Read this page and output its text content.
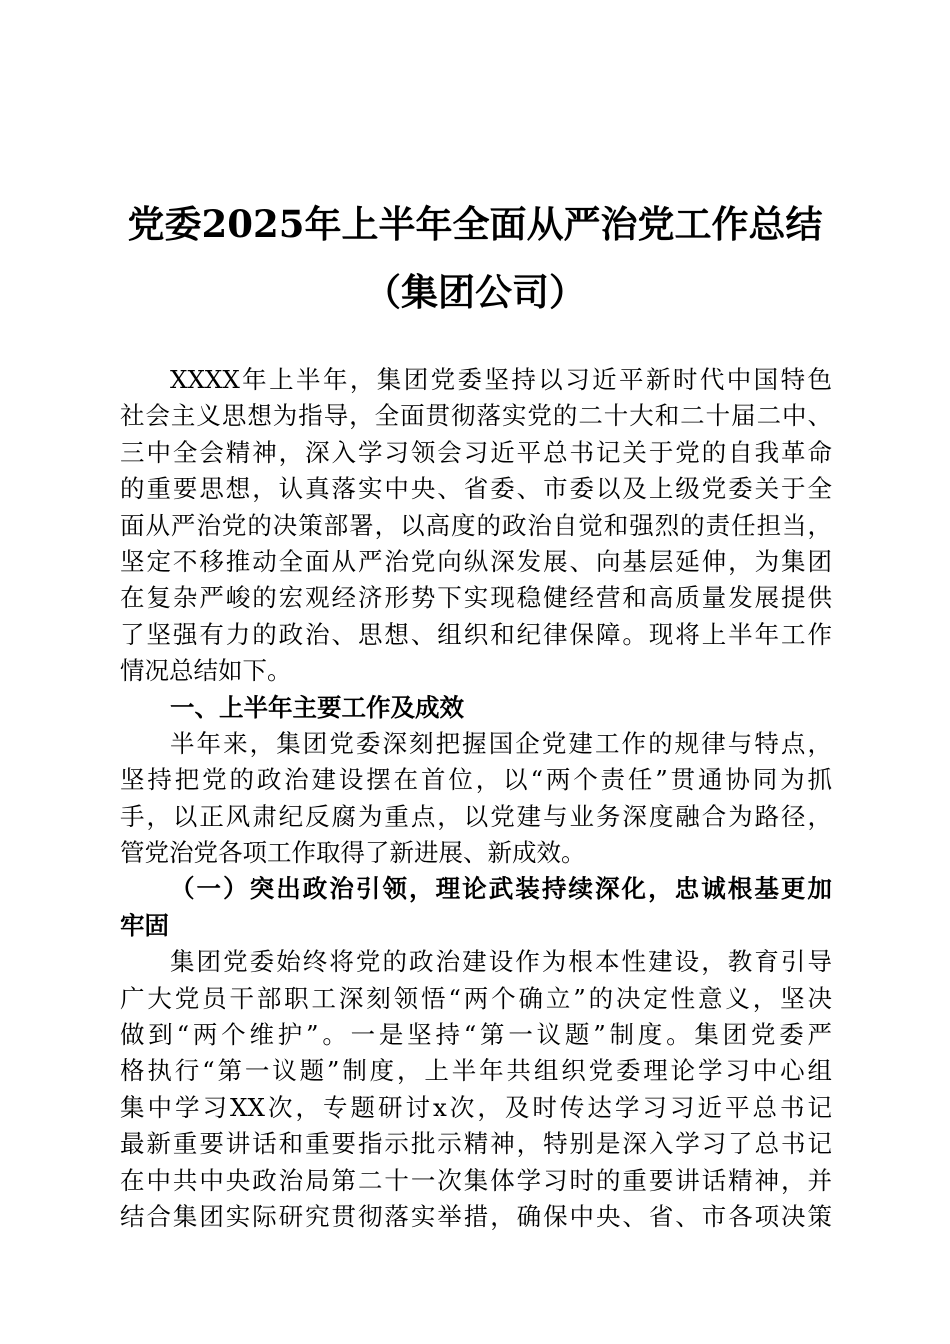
党委2025年上半年全面从严治党工作总结
（集团公司）
XXXX年上半年，集团党委坚持以习近平新时代中国特色
社会主义思想为指导，全面贯彻落实党的二十大和二十届二中、
三中全会精神，深入学习领会习近平总书记关于党的自我革命
的重要思想，认真落实中央、省委、市委以及上级党委关于全
面从严治党的决策部署，以高度的政治自觉和强烈的责任担当，
坚定不移推动全面从严治党向纵深发展、向基层延伸，为集团
在复杂严峻的宏观经济形势下实现稳健经营和高质量发展提供
了坚强有力的政治、思想、组织和纪律保障。现将上半年工作
情况总结如下。
一、上半年主要工作及成效
半年来，集团党委深刻把握国企党建工作的规律与特点，
坚持把党的政治建设摆在首位，以“两个责任”贯通协同为抓
手，以正风肃纪反腐为重点，以党建与业务深度融合为路径，
管党治党各项工作取得了新进展、新成效。
（一）突出政治引领，理论武装持续深化，忠诚根基更加
牢固
集团党委始终将党的政治建设作为根本性建设，教育引导
广大党员干部职工深刻领悟“两个确立”的决定性意义，坚决
做到“两个维护”。一是坚持“第一议题”制度。集团党委严
格执行“第一议题”制度，上半年共组织党委理论学习中心组
集中学习XX次，专题研讨x次，及时传达学习习近平总书记
最新重要讲话和重要指示批示精神，特别是深入学习了总书记
在中共中央政治局第二十一次集体学习时的重要讲话精神，并
结合集团实际研究贯彻落实举措，确保中央、省、市各项决策
